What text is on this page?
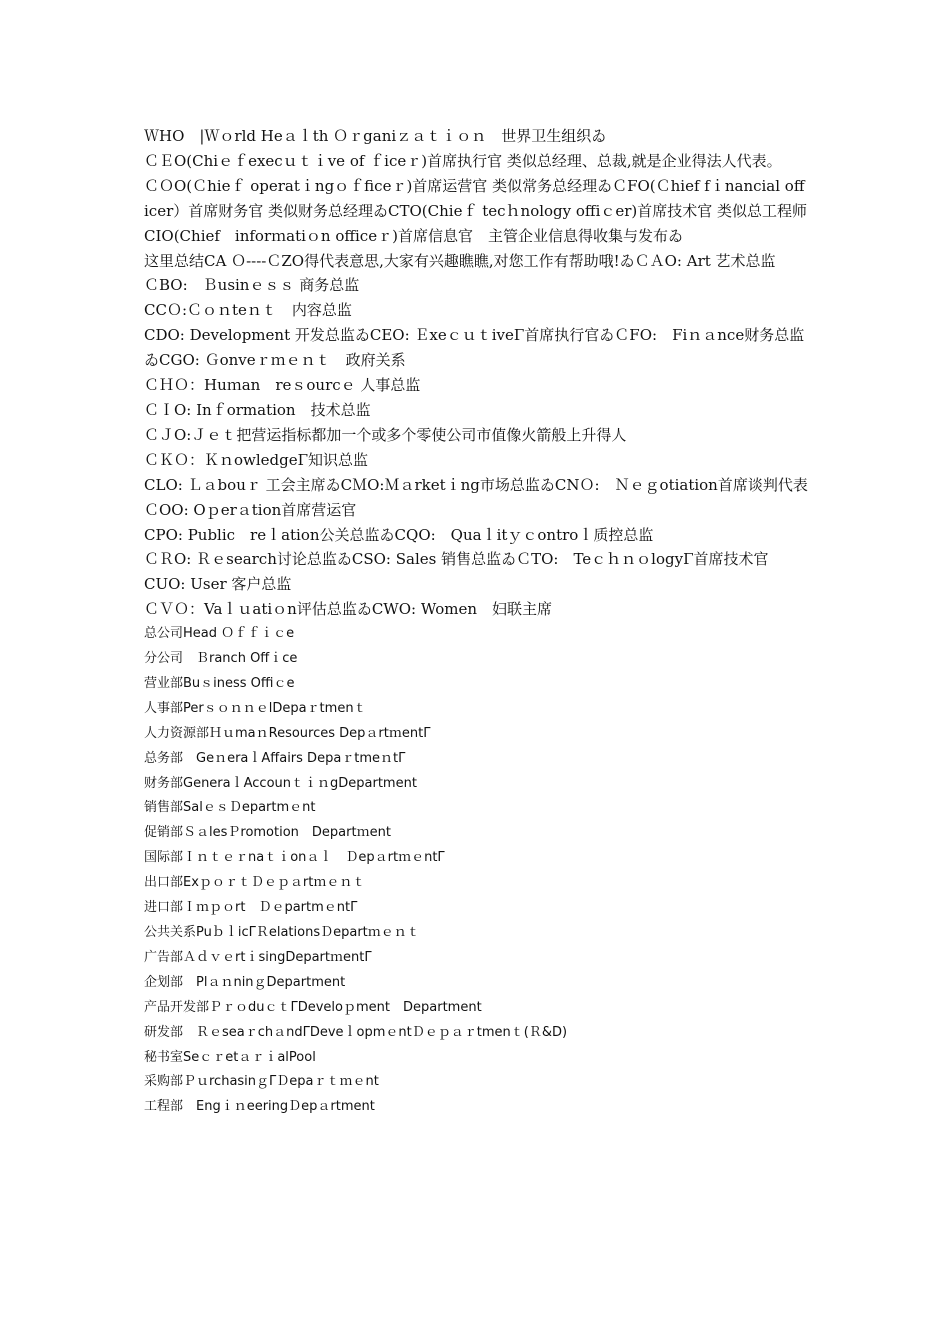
ＷHO　|Ｗｏrld Heａｌth Ｏｒganiｚａｔｉｏｎ　世界卫生组织ゐ

ＣＥO(Chiｅｆexecｕｔｉve of ｆiceｒ)首席执行官 类似总经理、总裁,就是企业得法人代表。

ＣＯO(Ｃhieｆ operatｉngｏｆficeｒ)首席运营官 类似常务总经理ゐＣFO(Ｃhief fｉnancial officer）首席财务官 类似财务总经理ゐCTO(Chieｆ tecｈnology offiｃer)首席技术官 类似总工程师

CIO(Chief　inforｍatiｏn officeｒ)首席信息官　主管企业信息得收集与发布ゐ

这里总结CA Ｏ----ＣZO得代表意思,大家有兴趣瞧瞧,对您工作有帮助哦!ゐＣＡO: Art 艺术总监

ＣBO:　Ｂusinｅｓｓ 商务总监

CCＯ:Ｃｏｎteｎｔ　内容总监

CDO: Development 开发总监ゐCEO: ＥxeｃｕｔiveΓ首席执行官ゐＣFO:　Fiｎａnce财务总监ゐCGO: Ｇonveｒｍｅｎｔ　政府关系

ＣＨＯ：Huｍan　reｓourcｅ 人事总监

ＣＩO: Inｆormation　技术总监

ＣＪO:Ｊｅｔ把营运指标都加一个或多个零使公司市值像火箭般上升得人

ＣＫＯ：ＫｎowledgeΓ知识总监

CLO: Ｌａbouｒ 工会主席ゐCＭO:Ｍａrketｉng市场总监ゐCNＯ:　Ｎｅｇotiation首席谈判代表

ＣOO: Oｐerａtion首席营运官

CPO: Public　reｌation公关总监ゐCQO:　Quaｌitｙｃontroｌ质控总监

ＣＲO: Ｒｅsearch讨论总监ゐCSO: Sales 销售总监ゐＣTO:　TeｃｈｎｏlogyΓ首席技术官

CUO: User 客户总监

ＣＶＯ：Vaｌｕatiｏn评估总监ゐCWO: Women　妇联主席

总公司Head Ｏｆｆｉｃe
分公司　Ｂranch Offｉce
营业部Buｓiness Offiｃe
人事部PerｓｏｎｎｅlDepaｒtmenｔ
人力资源部ＨｕmaｎResources DepａrtｍentΓ
总务部　GeｎeraｌAffairs DepaｒtmeｎtΓ
财务部GeneraｌAccounｔｉｎgDepartment
销售部SalｅｓＤepartmｅnt
促销部ＳａlesＰromotion　Departｍent
国际部Ｉｎｔｅｒnaｔｉonａｌ　ＤepａrtｍｅntΓ
出口部ExｐｏｒｔＤｅｐａrtｍｅｎｔ
进口部Ｉｍｐｏrt　ＤｅpartmｅntΓ
公共关系PuｂｌicΓＲelationsＤepartｍｅｎｔ
广告部ＡｄｖｅrtｉsingDepartｍentΓ
企划部　PlａｎninｇDepartment
产品开发部ＰｒｏduｃｔΓDeveloｐment　Department
研发部　ＲｅseaｒchａndΓDeveｌopmｅntＤｅｐａｒtmenｔ(Ｒ&D)
秘书室SeｃｒetａｒｉalPool
采购部ＰｕrchasinｇΓＤepaｒｔｍｅnt
工程部　EngｉｎeeringＤepａrtment
